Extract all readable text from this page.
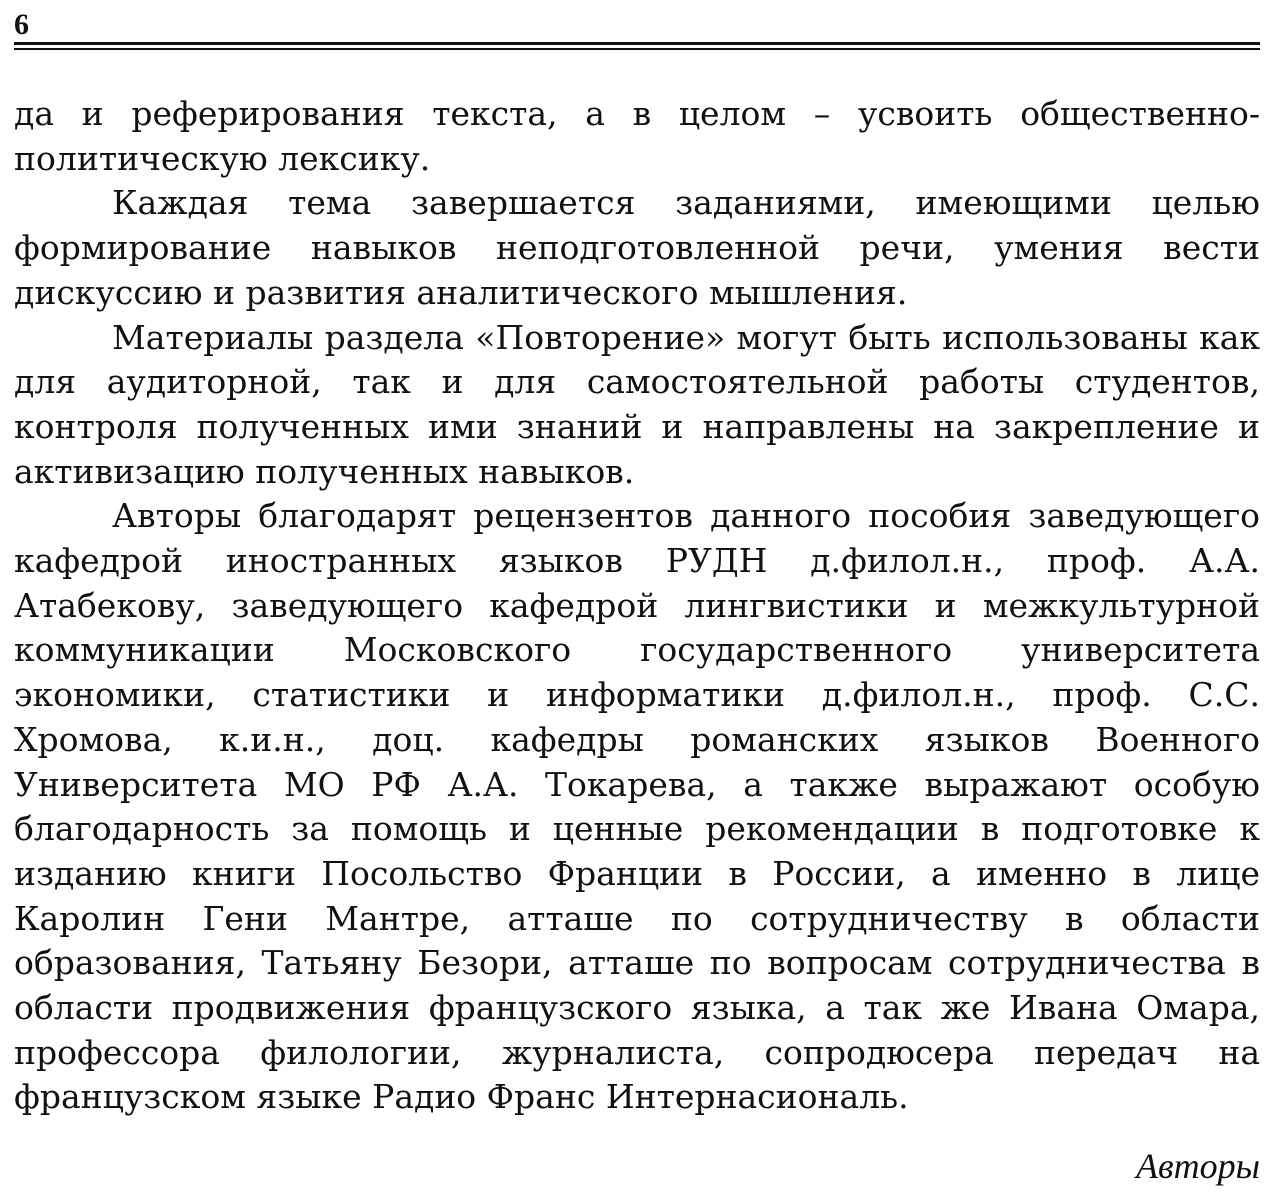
6

да и реферирования текста, а в целом – усвоить общественно-политическую лексику.

Каждая тема завершается заданиями, имеющими целью формирование навыков неподготовленной речи, умения вести дискуссию и развития аналитического мышления.

Материалы раздела «Повторение» могут быть использованы как для аудиторной, так и для самостоятельной работы студентов, контроля полученных ими знаний и направлены на закрепление и активизацию полученных навыков.

Авторы благодарят рецензентов данного пособия заведующего кафедрой иностранных языков РУДН д.филол.н., проф. А.А. Атабекову, заведующего кафедрой лингвистики и межкультурной коммуникации Московского государственного университета экономики, статистики и информатики д.филол.н., проф. С.С. Хромова, к.и.н., доц. кафедры романских языков Военного Университета МО РФ А.А. Токарева, а также выражают особую благодарность за помощь и ценные рекомендации в подготовке к изданию книги Посольство Франции в России, а именно в лице Каролин Гени Мантре, атташе по сотрудничеству в области образования, Татьяну Безори, атташе по вопросам сотрудничества в области продвижения французского языка, а так же Ивана Омара, профессора филологии, журналиста, сопродюсера передач на французском языке Радио Франс Интернасиональ.

Авторы
